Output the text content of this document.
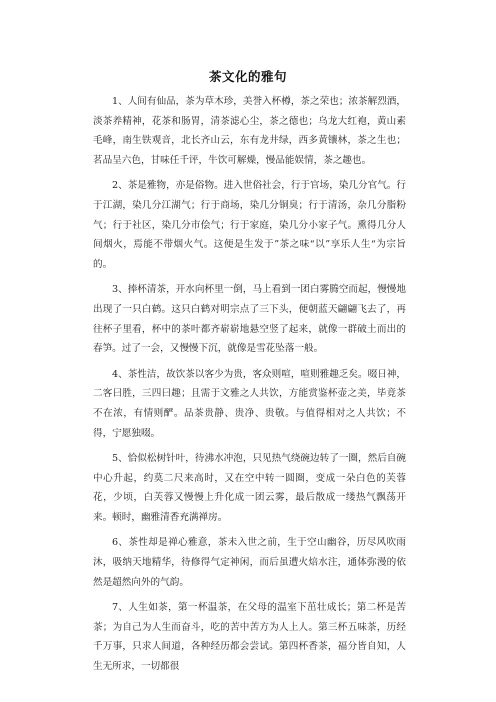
茶文化的雅句

1、人间有仙品，茶为草木珍，美誉入杯樽，茶之荣也；浓茶解烈酒，淡茶养精神，花茶和肠胃，清茶滤心尘，茶之德也；乌龙大红袍，黄山素毛峰，南生铁观音，北长齐山云，东有龙井绿，西多黄镶林，茶之生也；茗品呈六色，甘味任千评，牛饮可解燥，慢品能娱情，茶之趣也。

2、茶是雅物，亦是俗物。进入世俗社会，行于官场，染几分官气。行于江湖，染几分江湖气；行于商场，染几分铜臭；行于清汤，杂几分脂粉气；行于社区，染几分市侩气；行于家庭，染几分小家子气。熏得几分人间烟火，焉能不带烟火气。这便是生发于”茶之味“以”享乐人生“为宗旨的。

3、捧杯清茶，开水向杯里一倒，马上看到一团白雾腾空而起，慢慢地出现了一只白鹤。这只白鹤对明宗点了三下头，便朝蓝天翩翩飞去了，再往杯子里看，杯中的茶叶都齐崭崭地悬空竖了起来，就像一群破土而出的春笋。过了一会，又慢慢下沉，就像是雪花坠落一般。

4、茶性洁，故饮茶以客少为贵，客众则喧，喧则雅趣乏矣。啜日神，二客曰胜，三四曰趣；且需于文雅之人共饮，方能赏鉴杯壶之美，毕竟茶不在浓，有情则酽。品茶贵静、贵净、贵敬。与值得相对之人共饮；不得，宁愿独啜。

5、恰似松树针叶，待沸水冲泡，只见热气绕碗边转了一圈，然后自碗中心升起，约莫二尺来高时，又在空中转一圆圈，变成一朵白色的芙蓉花，少顷，白芙蓉又慢慢上升化成一团云雾，最后散成一缕热气飘荡开来。顿时，幽雅清香充满禅房。

6、茶性却是禅心雅意，茶未入世之前，生于空山幽谷，历尽风吹雨沐，吸纳天地精华，待修得气定神闲，而后虽遭火焙水注，通体弥漫的依然是超然向外的气韵。

7、人生如茶，第一杯温茶，在父母的温室下茁壮成长；第二杯是苦茶；为自己为人生而奋斗，吃的苦中苦方为人上人。第三杯五味茶，历经千万事，只求人间道，各种经历都会尝试。第四杯香茶，福分皆自知，人生无所求，一切都很
